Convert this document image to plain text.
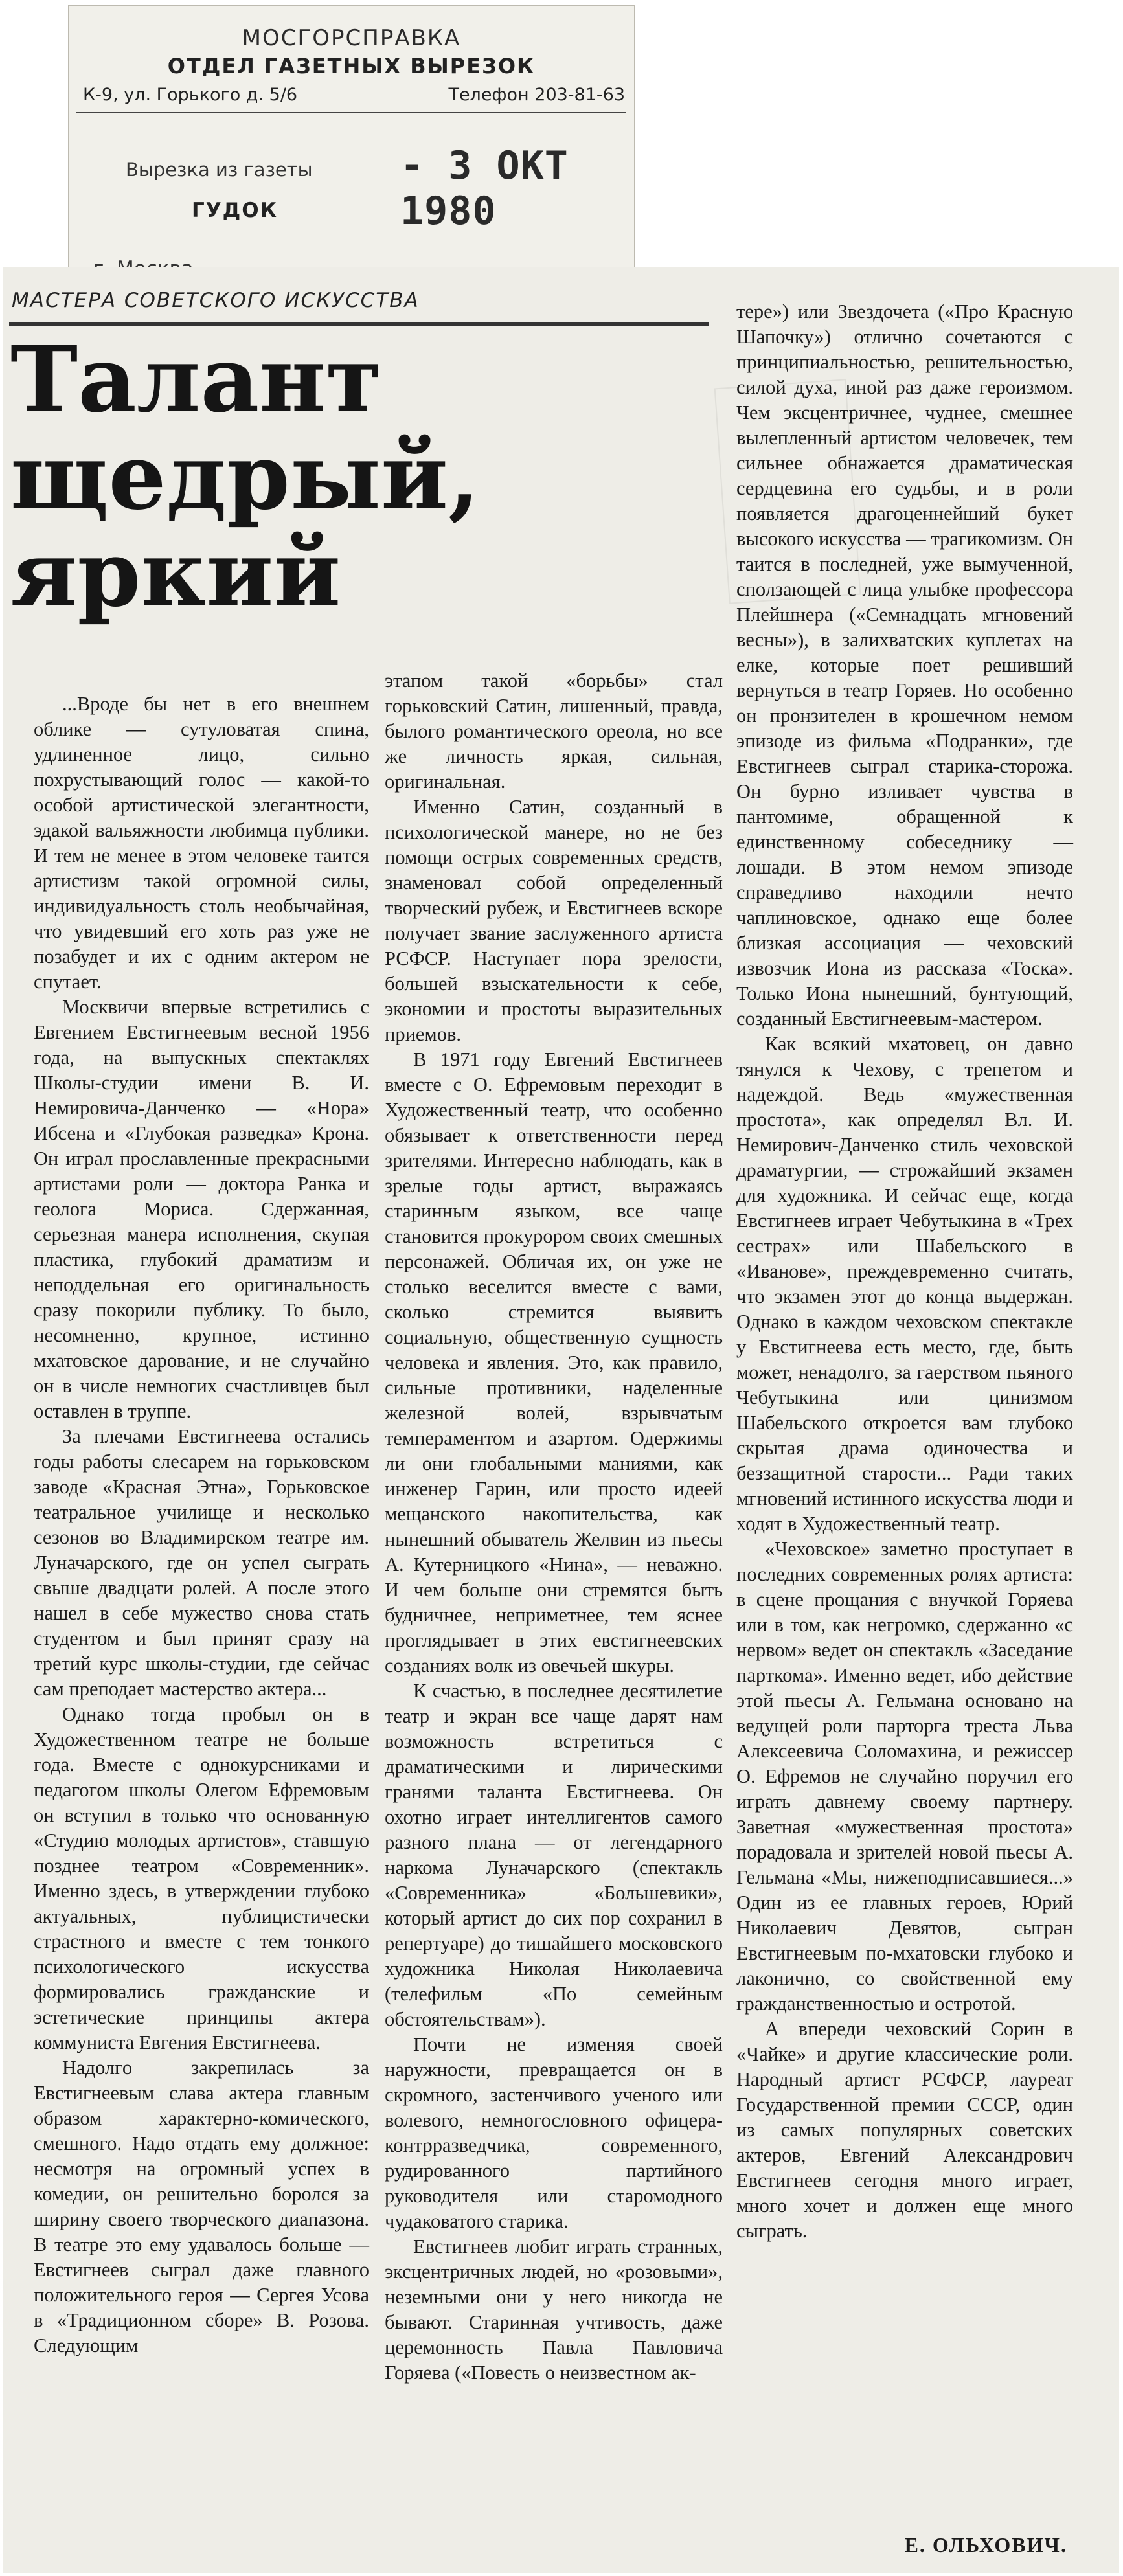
МОСГОРСПРАВКА
ОТДЕЛ ГАЗЕТНЫХ ВЫРЕЗОК
К-9, ул. Горького д. 5/6	Телефон 203-81-63
Вырезка из газеты
ГУДОК
- 3 ОКТ 1980
МАСТЕРА СОВЕТСКОГО ИСКУССТВА
Талант
щедрый,
яркий

...Вроде бы нет в его внешнем облике — сутуловатая спина, удлиненное лицо, сильно похрустывающий голос — какой-то особой артистической элегантности, эдакой вальяжности любимца публики. И тем не менее в этом человеке таится артистизм такой огромной силы, индивидуальность столь необычайная, что увидевший его хоть раз уже не позабудет и их с одним актером не спутает.

Москвичи впервые встретились с Евгением Евстигнеевым весной 1956 года, на выпускных спектаклях Школы-студии имени В. И. Немировича-Данченко — «Нора» Ибсена и «Глубокая разведка» Крона. Он играл прославленные прекрасными артистами роли — доктора Ранка и геолога Мориса. Сдержанная, серьезная манера исполнения, скупая пластика, глубокий драматизм и неподдельная его оригинальность сразу покорили публику. То было, несомненно, крупное, истинно мхатовское дарование, и не случайно он в числе немногих счастливцев был оставлен в труппе.

За плечами Евстигнеева остались годы работы слесарем на горьковском заводе «Красная Этна», Горьковское театральное училище и несколько сезонов во Владимирском театре им. Луначарского, где он успел сыграть свыше двадцати ролей. А после этого нашел в себе мужество снова стать студентом и был принят сразу на третий курс школы-студии, где сейчас сам преподает мастерство актера...

Однако тогда пробыл он в Художественном театре не больше года. Вместе с однокурсниками и педагогом школы Олегом Ефремовым он вступил в только что основанную «Студию молодых артистов», ставшую позднее театром «Современник». Именно здесь, в утверждении глубоко актуальных, публицистически страстного и вместе с тем тонкого психологического искусства формировались гражданские и эстетические принципы актера коммуниста Евгения Евстигнеева.

Надолго закрепилась за Евстигнеевым слава актера главным образом характерно-комического, смешного. Надо отдать ему должное: несмотря на огромный успех в комедии, он решительно боролся за ширину своего творческого диапазона. В театре это ему удавалось больше — Евстигнеев сыграл даже главного положительного героя — Сергея Усова в «Традиционном сборе» В. Розова. Следующим

этапом такой «борьбы» стал горьковский Сатин, лишенный, правда, былого романтического ореола, но все же личность яркая, сильная, оригинальная.

Именно Сатин, созданный в психологической манере, но не без помощи острых современных средств, знаменовал собой определенный творческий рубеж, и Евстигнеев вскоре получает звание заслуженного артиста РСФСР. Наступает пора зрелости, большей взыскательности к себе, экономии и простоты выразительных приемов.

В 1971 году Евгений Евстигнеев вместе с О. Ефремовым переходит в Художественный театр, что особенно обязывает к ответственности перед зрителями. Интересно наблюдать, как в зрелые годы артист, выражаясь старинным языком, все чаще становится прокурором своих смешных персонажей. Обличая их, он уже не столько веселится вместе с вами, сколько стремится выявить социальную, общественную сущность человека и явления. Это, как правило, сильные противники, наделенные железной волей, взрывчатым темпераментом и азартом. Одержимы ли они глобальными маниями, как инженер Гарин, или просто идеей мещанского накопительства, как нынешний обыватель Желвин из пьесы А. Кутерницкого «Нина», — неважно. И чем больше они стремятся быть будничнее, неприметнее, тем яснее проглядывает в этих евстигнеевских созданиях волк из овечьей шкуры.

К счастью, в последнее десятилетие театр и экран все чаще дарят нам возможность встретиться с драматическими и лирическими гранями таланта Евстигнеева. Он охотно играет интеллигентов самого разного плана — от легендарного наркома Луначарского (спектакль «Современника» «Большевики», который артист до сих пор сохранил в репертуаре) до тишайшего московского художника Николая Николаевича (телефильм «По семейным обстоятельствам»).

Почти не изменяя своей наружности, превращается он в скромного, застенчивого ученого или волевого, немногословного офицера-контрразведчика, современного, рудированного партийного руководителя или старомодного чудаковатого старика.

Евстигнеев любит играть странных, эксцентричных людей, но «розовыми», неземными они у него никогда не бывают. Старинная учтивость, даже церемонность Павла Павловича Горяева («Повесть о неизвестном ак-

тере») или Звездочета («Про Красную Шапочку») отлично сочетаются с принципиальностью, решительностью, силой духа, иной раз даже героизмом. Чем эксцентричнее, чуднее, смешнее вылепленный артистом человечек, тем сильнее обнажается драматическая сердцевина его судьбы, и в роли появляется драгоценнейший букет высокого искусства — трагикомизм. Он таится в последней, уже вымученной, сползающей с лица улыбке профессора Плейшнера («Семнадцать мгновений весны»), в залихватских куплетах на елке, которые поет решивший вернуться в театр Горяев. Но особенно он пронзителен в крошечном немом эпизоде из фильма «Подранки», где Евстигнеев сыграл старика-сторожа. Он бурно изливает чувства в пантомиме, обращенной к единственному собеседнику — лошади. В этом немом эпизоде справедливо находили нечто чаплиновское, однако еще более близкая ассоциация — чеховский извозчик Иона из рассказа «Тоска». Только Иона нынешний, бунтующий, созданный Евстигнеевым-мастером.

Как всякий мхатовец, он давно тянулся к Чехову, с трепетом и надеждой. Ведь «мужественная простота», как определял Вл. И. Немирович-Данченко стиль чеховской драматургии, — строжайший экзамен для художника. И сейчас еще, когда Евстигнеев играет Чебутыкина в «Трех сестрах» или Шабельского в «Иванове», преждевременно считать, что экзамен этот до конца выдержан. Однако в каждом чеховском спектакле у Евстигнеева есть место, где, быть может, ненадолго, за гаерством пьяного Чебутыкина или цинизмом Шабельского откроется вам глубоко скрытая драма одиночества и беззащитной старости... Ради таких мгновений истинного искусства люди и ходят в Художественный театр.

«Чеховское» заметно проступает в последних современных ролях артиста: в сцене прощания с внучкой Горяева или в том, как негромко, сдержанно «с нервом» ведет он спектакль «Заседание парткома». Именно ведет, ибо действие этой пьесы А. Гельмана основано на ведущей роли парторга треста Льва Алексеевича Соломахина, и режиссер О. Ефремов не случайно поручил его играть давнему своему партнеру. Заветная «мужественная простота» порадовала и зрителей новой пьесы А. Гельмана «Мы, нижеподписавшиеся...» Один из ее главных героев, Юрий Николаевич Девятов, сыгран Евстигнеевым по-мхатовски глубоко и лаконично, со свойственной ему гражданственностью и остротой.

А впереди чеховский Сорин в «Чайке» и другие классические роли. Народный артист РСФСР, лауреат Государственной премии СССР, один из самых популярных советских актеров, Евгений Александрович Евстигнеев сегодня много играет, много хочет и должен еще много сыграть.

Е. ОЛЬХОВИЧ.
